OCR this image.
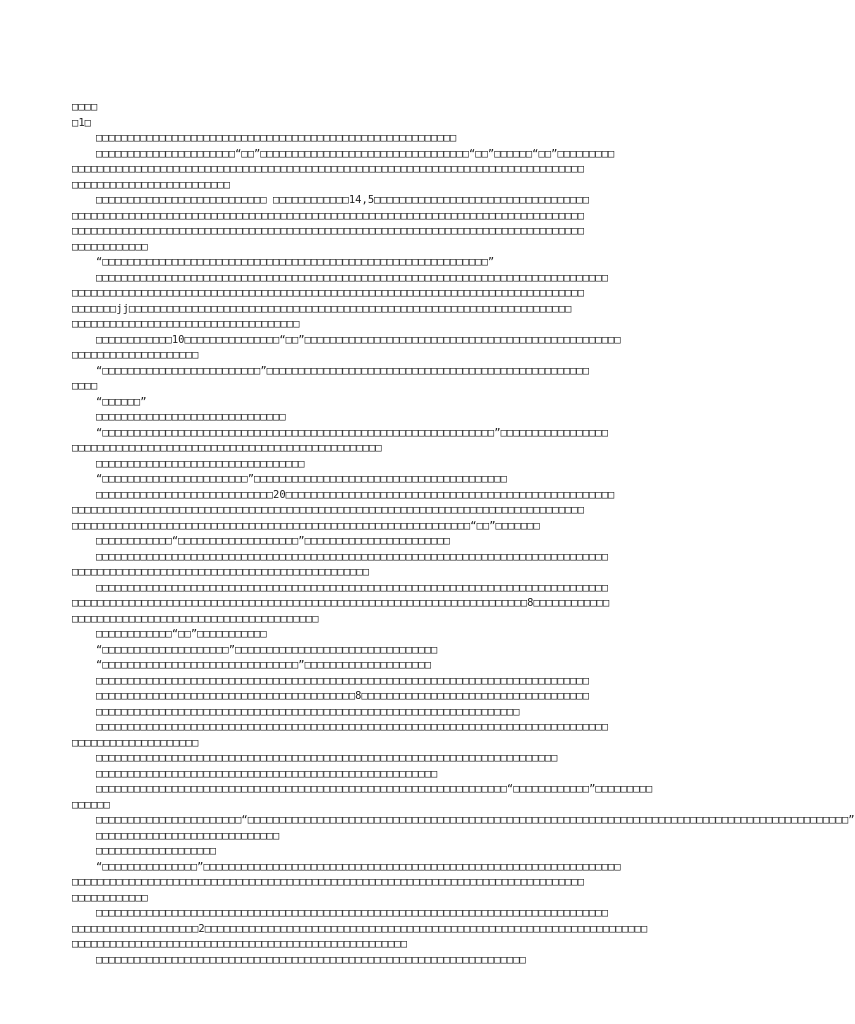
□□□□
□1□
□□□□□□□□□□□□□□□□□□□□□□□□□□□□□□□□□□□□□□□□□□□□□□□□□□□□□□□□□
□□□□□□□□□□□□□□□□□□□□□□“□□”□□□□□□□□□□□□□□□□□□□□□□□□□□□□□□□□□“□□”□□□□□□“□□”□□□□□□□□□
□□□□□□□□□□□□□□□□□□□□□□□□□□□□□□□□□□□□□□□□□□□□□□□□□□□□□□□□□□□□□□□□□□□□□□□□□□□□□□□□□
□□□□□□□□□□□□□□□□□□□□□□□□□
□□□□□□□□□□□□□□□□□□□□□□□□□□□ □□□□□□□□□□□□14,5□□□□□□□□□□□□□□□□□□□□□□□□□□□□□□□□□□
□□□□□□□□□□□□□□□□□□□□□□□□□□□□□□□□□□□□□□□□□□□□□□□□□□□□□□□□□□□□□□□□□□□□□□□□□□□□□□□□□
□□□□□□□□□□□□□□□□□□□□□□□□□□□□□□□□□□□□□□□□□□□□□□□□□□□□□□□□□□□□□□□□□□□□□□□□□□□□□□□□□
□□□□□□□□□□□□
“□□□□□□□□□□□□□□□□□□□□□□□□□□□□□□□□□□□□□□□□□□□□□□□□□□□□□□□□□□□□□”
□□□□□□□□□□□□□□□□□□□□□□□□□□□□□□□□□□□□□□□□□□□□□□□□□□□□□□□□□□□□□□□□□□□□□□□□□□□□□□□□□
□□□□□□□□□□□□□□□□□□□□□□□□□□□□□□□□□□□□□□□□□□□□□□□□□□□□□□□□□□□□□□□□□□□□□□□□□□□□□□□□□
□□□□□□□jj□□□□□□□□□□□□□□□□□□□□□□□□□□□□□□□□□□□□□□□□□□□□□□□□□□□□□□□□□□□□□□□□□□□□□□
□□□□□□□□□□□□□□□□□□□□□□□□□□□□□□□□□□□□
□□□□□□□□□□□□10□□□□□□□□□□□□□□□“□□”□□□□□□□□□□□□□□□□□□□□□□□□□□□□□□□□□□□□□□□□□□□□□□□□□□
□□□□□□□□□□□□□□□□□□□□
“□□□□□□□□□□□□□□□□□□□□□□□□□”□□□□□□□□□□□□□□□□□□□□□□□□□□□□□□□□□□□□□□□□□□□□□□□□□□□
□□□□
“□□□□□□”
□□□□□□□□□□□□□□□□□□□□□□□□□□□□□□
“□□□□□□□□□□□□□□□□□□□□□□□□□□□□□□□□□□□□□□□□□□□□□□□□□□□□□□□□□□□□□□”□□□□□□□□□□□□□□□□□
□□□□□□□□□□□□□□□□□□□□□□□□□□□□□□□□□□□□□□□□□□□□□□□□□
□□□□□□□□□□□□□□□□□□□□□□□□□□□□□□□□□
“□□□□□□□□□□□□□□□□□□□□□□□”□□□□□□□□□□□□□□□□□□□□□□□□□□□□□□□□□□□□□□□□
□□□□□□□□□□□□□□□□□□□□□□□□□□□□20□□□□□□□□□□□□□□□□□□□□□□□□□□□□□□□□□□□□□□□□□□□□□□□□□□□□
□□□□□□□□□□□□□□□□□□□□□□□□□□□□□□□□□□□□□□□□□□□□□□□□□□□□□□□□□□□□□□□□□□□□□□□□□□□□□□□□□
□□□□□□□□□□□□□□□□□□□□□□□□□□□□□□□□□□□□□□□□□□□□□□□□□□□□□□□□□□□□□□□“□□”□□□□□□□
□□□□□□□□□□□□“□□□□□□□□□□□□□□□□□□□”□□□□□□□□□□□□□□□□□□□□□□□
□□□□□□□□□□□□□□□□□□□□□□□□□□□□□□□□□□□□□□□□□□□□□□□□□□□□□□□□□□□□□□□□□□□□□□□□□□□□□□□□□
□□□□□□□□□□□□□□□□□□□□□□□□□□□□□□□□□□□□□□□□□□□□□□□
□□□□□□□□□□□□□□□□□□□□□□□□□□□□□□□□□□□□□□□□□□□□□□□□□□□□□□□□□□□□□□□□□□□□□□□□□□□□□□□□□
□□□□□□□□□□□□□□□□□□□□□□□□□□□□□□□□□□□□□□□□□□□□□□□□□□□□□□□□□□□□□□□□□□□□□□□□8□□□□□□□□□□□□
□□□□□□□□□□□□□□□□□□□□□□□□□□□□□□□□□□□□□□□
□□□□□□□□□□□□“□□”□□□□□□□□□□□
“□□□□□□□□□□□□□□□□□□□□”□□□□□□□□□□□□□□□□□□□□□□□□□□□□□□□□
“□□□□□□□□□□□□□□□□□□□□□□□□□□□□□□□”□□□□□□□□□□□□□□□□□□□□
□□□□□□□□□□□□□□□□□□□□□□□□□□□□□□□□□□□□□□□□□□□□□□□□□□□□□□□□□□□□□□□□□□□□□□□□□□□□□□
□□□□□□□□□□□□□□□□□□□□□□□□□□□□□□□□□□□□□□□□□8□□□□□□□□□□□□□□□□□□□□□□□□□□□□□□□□□□□□
□□□□□□□□□□□□□□□□□□□□□□□□□□□□□□□□□□□□□□□□□□□□□□□□□□□□□□□□□□□□□□□□□□□
□□□□□□□□□□□□□□□□□□□□□□□□□□□□□□□□□□□□□□□□□□□□□□□□□□□□□□□□□□□□□□□□□□□□□□□□□□□□□□□□□
□□□□□□□□□□□□□□□□□□□□
□□□□□□□□□□□□□□□□□□□□□□□□□□□□□□□□□□□□□□□□□□□□□□□□□□□□□□□□□□□□□□□□□□□□□□□□□
□□□□□□□□□□□□□□□□□□□□□□□□□□□□□□□□□□□□□□□□□□□□□□□□□□□□□□
□□□□□□□□□□□□□□□□□□□□□□□□□□□□□□□□□□□□□□□□□□□□□□□□□□□□□□□□□□□□□□□□□“□□□□□□□□□□□□”□□□□□□□□□
□□□□□□
□□□□□□□□□□□□□□□□□□□□□□□“□□□□□□□□□□□□□□□□□□□□□□□□□□□□□□□□□□□□□□□□□□□□□□□□□□□□□□□□□□□□□□□□□□□□□□□□□□□□□□□□□□□□□□□□□□□□□□□”
□□□□□□□□□□□□□□□□□□□□□□□□□□□□□
□□□□□□□□□□□□□□□□□□□
“□□□□□□□□□□□□□□□”□□□□□□□□□□□□□□□□□□□□□□□□□□□□□□□□□□□□□□□□□□□□□□□□□□□□□□□□□□□□□□□□□□
□□□□□□□□□□□□□□□□□□□□□□□□□□□□□□□□□□□□□□□□□□□□□□□□□□□□□□□□□□□□□□□□□□□□□□□□□□□□□□□□□
□□□□□□□□□□□□
□□□□□□□□□□□□□□□□□□□□□□□□□□□□□□□□□□□□□□□□□□□□□□□□□□□□□□□□□□□□□□□□□□□□□□□□□□□□□□□□□
□□□□□□□□□□□□□□□□□□□□2□□□□□□□□□□□□□□□□□□□□□□□□□□□□□□□□□□□□□□□□□□□□□□□□□□□□□□□□□□□□□□□□□□□□□□
□□□□□□□□□□□□□□□□□□□□□□□□□□□□□□□□□□□□□□□□□□□□□□□□□□□□□
□□□□□□□□□□□□□□□□□□□□□□□□□□□□□□□□□□□□□□□□□□□□□□□□□□□□□□□□□□□□□□□□□□□□
